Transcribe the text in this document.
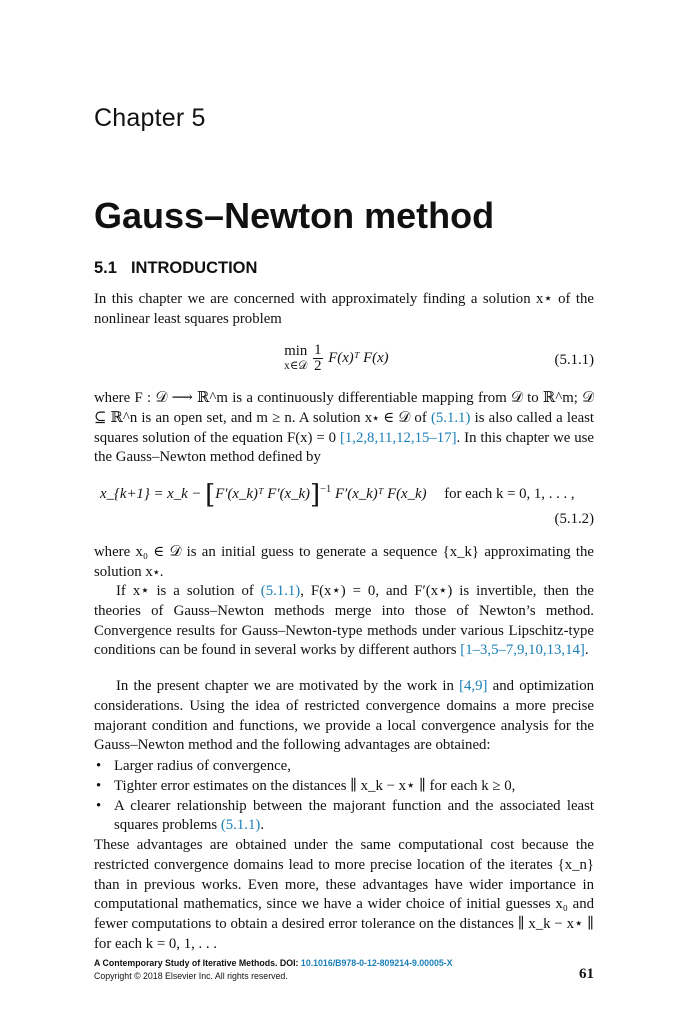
Chapter 5
Gauss–Newton method
5.1 INTRODUCTION
In this chapter we are concerned with approximately finding a solution x⋆ of the nonlinear least squares problem
min
x∈𝒟
$\frac{1}{2}$ F(x)ᵀ F(x)	(5.1.1)
where F : 𝒟 ⟶ ℝ^m is a continuously differentiable mapping from 𝒟 to ℝ^m; 𝒟 ⊆ ℝ^n is an open set, and m ≥ n. A solution x⋆ ∈ 𝒟 of (5.1.1) is also called a least squares solution of the equation F(x) = 0 [1,2,8,11,12,15–17]. In this chapter we use the Gauss–Newton method defined by
x_{k+1} = x_k − [F′(x_k)ᵀ F′(x_k)]$^{-1}$ F′(x_k)ᵀ F(x_k) for each k = 0, 1, . . . ,
(5.1.2)
where x₀ ∈ 𝒟 is an initial guess to generate a sequence {x_k} approximating the solution x⋆.
If x⋆ is a solution of (5.1.1), F(x⋆) = 0, and F′(x⋆) is invertible, then the theories of Gauss–Newton methods merge into those of Newton’s method. Convergence results for Gauss–Newton-type methods under various Lipschitz-type conditions can be found in several works by different authors [1–3,5–7,9,10,13,14].
In the present chapter we are motivated by the work in [4,9] and optimization considerations. Using the idea of restricted convergence domains a more precise majorant condition and functions, we provide a local convergence analysis for the Gauss–Newton method and the following advantages are obtained:
• Larger radius of convergence,
• Tighter error estimates on the distances ∥ x_k − x⋆ ∥ for each k ≥ 0,
• A clearer relationship between the majorant function and the associated least squares problems (5.1.1).
These advantages are obtained under the same computational cost because the restricted convergence domains lead to more precise location of the iterates {x_n} than in previous works. Even more, these advantages have wider importance in computational mathematics, since we have a wider choice of initial guesses x₀ and fewer computations to obtain a desired error tolerance on the distances ∥ x_k − x⋆ ∥ for each k = 0, 1, . . .
A Contemporary Study of Iterative Methods. DOI: 10.1016/B978-0-12-809214-9.00005-X
Copyright © 2018 Elsevier Inc. All rights reserved.	61
